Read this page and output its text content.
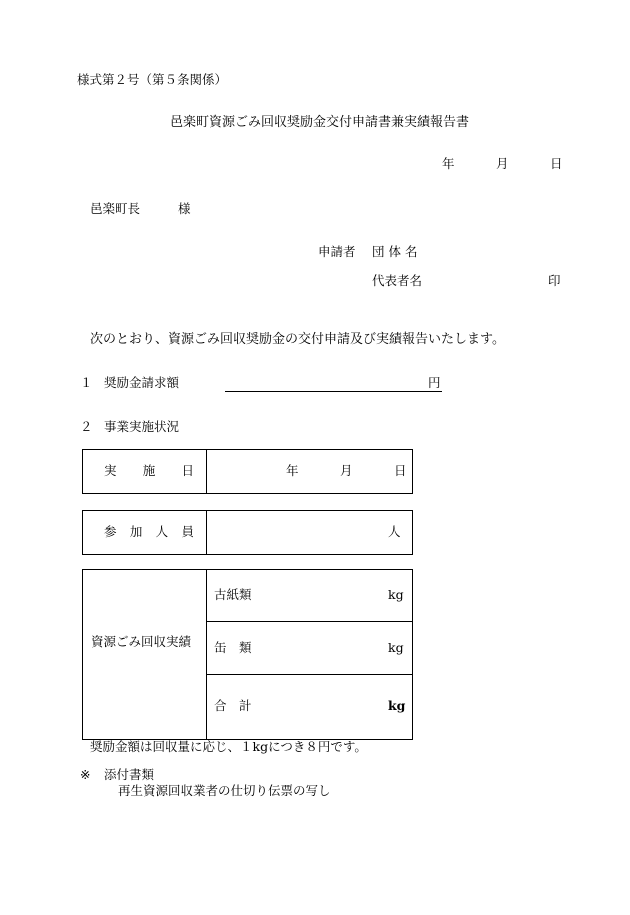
様式第２号（第５条関係）
邑楽町資源ごみ回収奨励金交付申請書兼実績報告書
年	月	日
邑楽町長	様
申請者 団 体 名
代表者名	印
次のとおり、資源ごみ回収奨励金の交付申請及び実績報告いたします。
１ 奨励金請求額	円
２ 事業実施状況
実 施 日	年	月	日
参 加 人 員	人
資源ごみ回収実績
古紙類	kg
缶　類	kg
合　計	kg
奨励金額は回収量に応じ、１kgにつき８円です。
※ 添付書類
再生資源回収業者の仕切り伝票の写し
